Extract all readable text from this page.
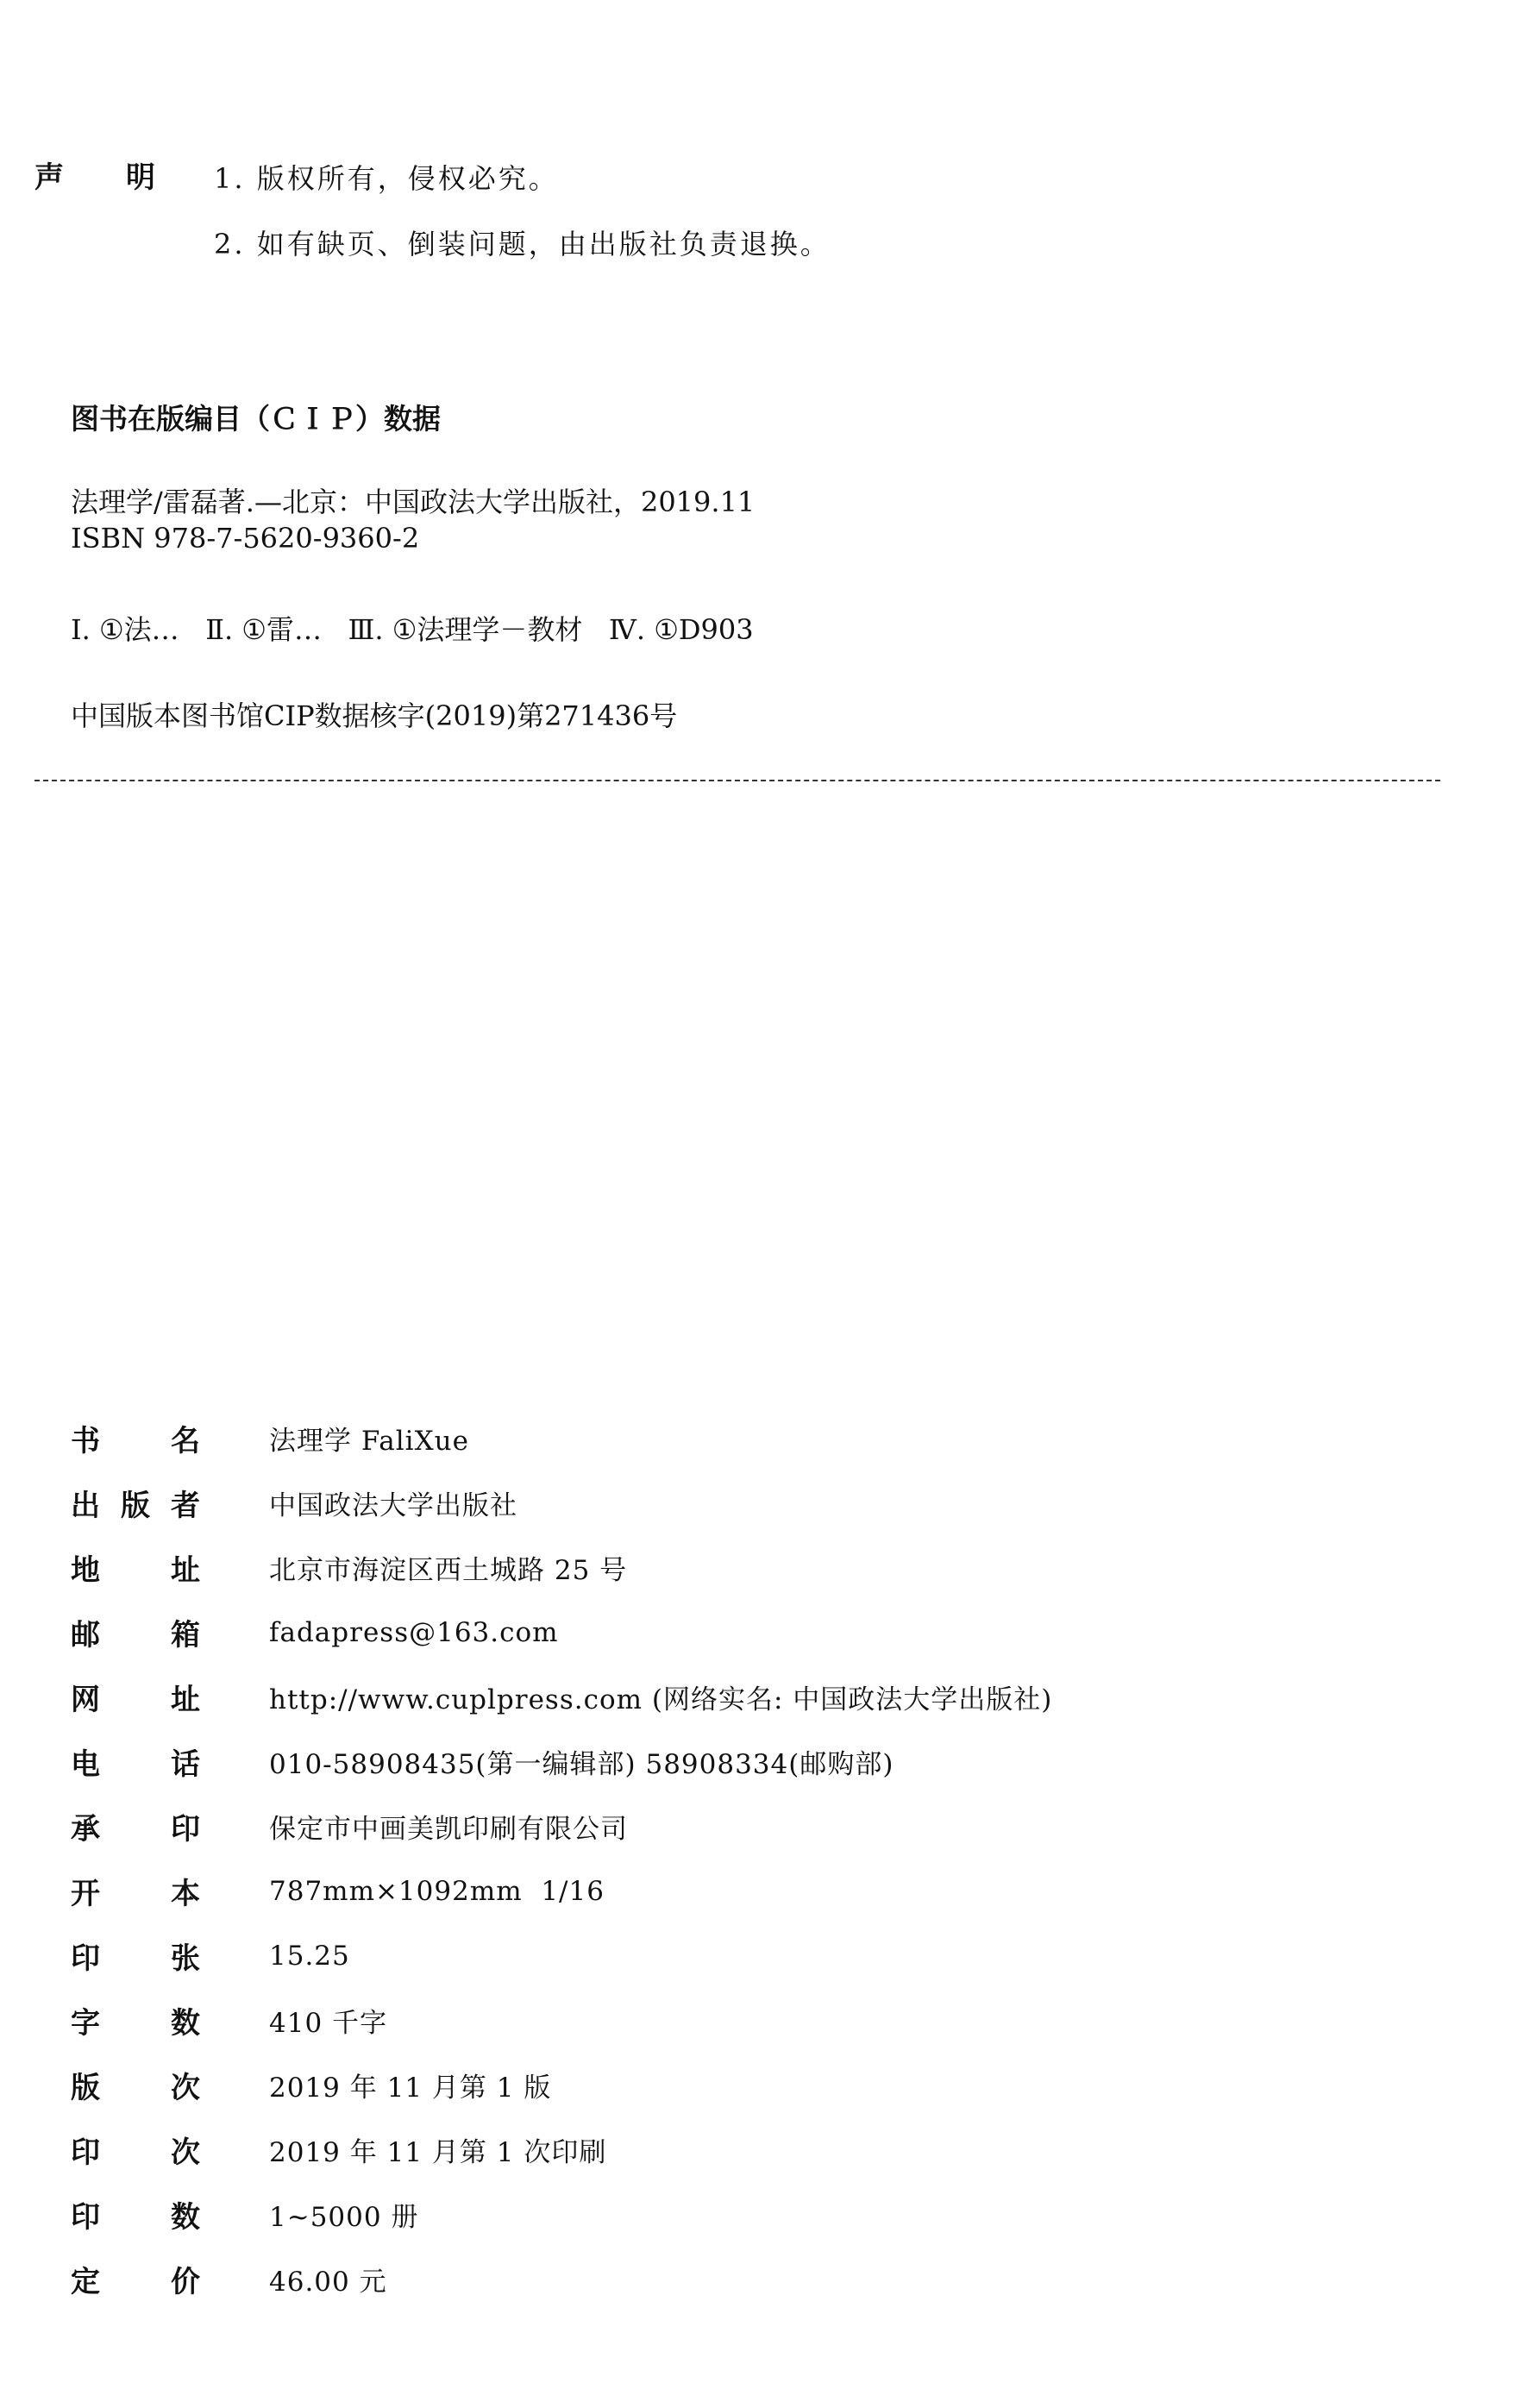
声明
1. 版权所有，侵权必究。
2. 如有缺页、倒装问题，由出版社负责退换。
图书在版编目（ＣＩＰ）数据
法理学/雷磊著.—北京：中国政法大学出版社，2019.11
ISBN 978-7-5620-9360-2
Ⅰ. ①法…   Ⅱ. ①雷…   Ⅲ. ①法理学－教材   Ⅳ. ①D903
中国版本图书馆CIP数据核字(2019)第271436号
书 名	法理学 FaliXue
出 版 者	中国政法大学出版社
地 址	北京市海淀区西土城路 25 号
邮 箱	fadapress@163.com
网 址	http://www.cuplpress.com (网络实名: 中国政法大学出版社)
电 话	010-58908435(第一编辑部) 58908334(邮购部)
承 印	保定市中画美凯印刷有限公司
开 本	787mm×1092mm  1/16
印 张	15.25
字 数	410 千字
版 次	2019 年 11 月第 1 版
印 次	2019 年 11 月第 1 次印刷
印 数	1~5000 册
定 价	46.00 元
